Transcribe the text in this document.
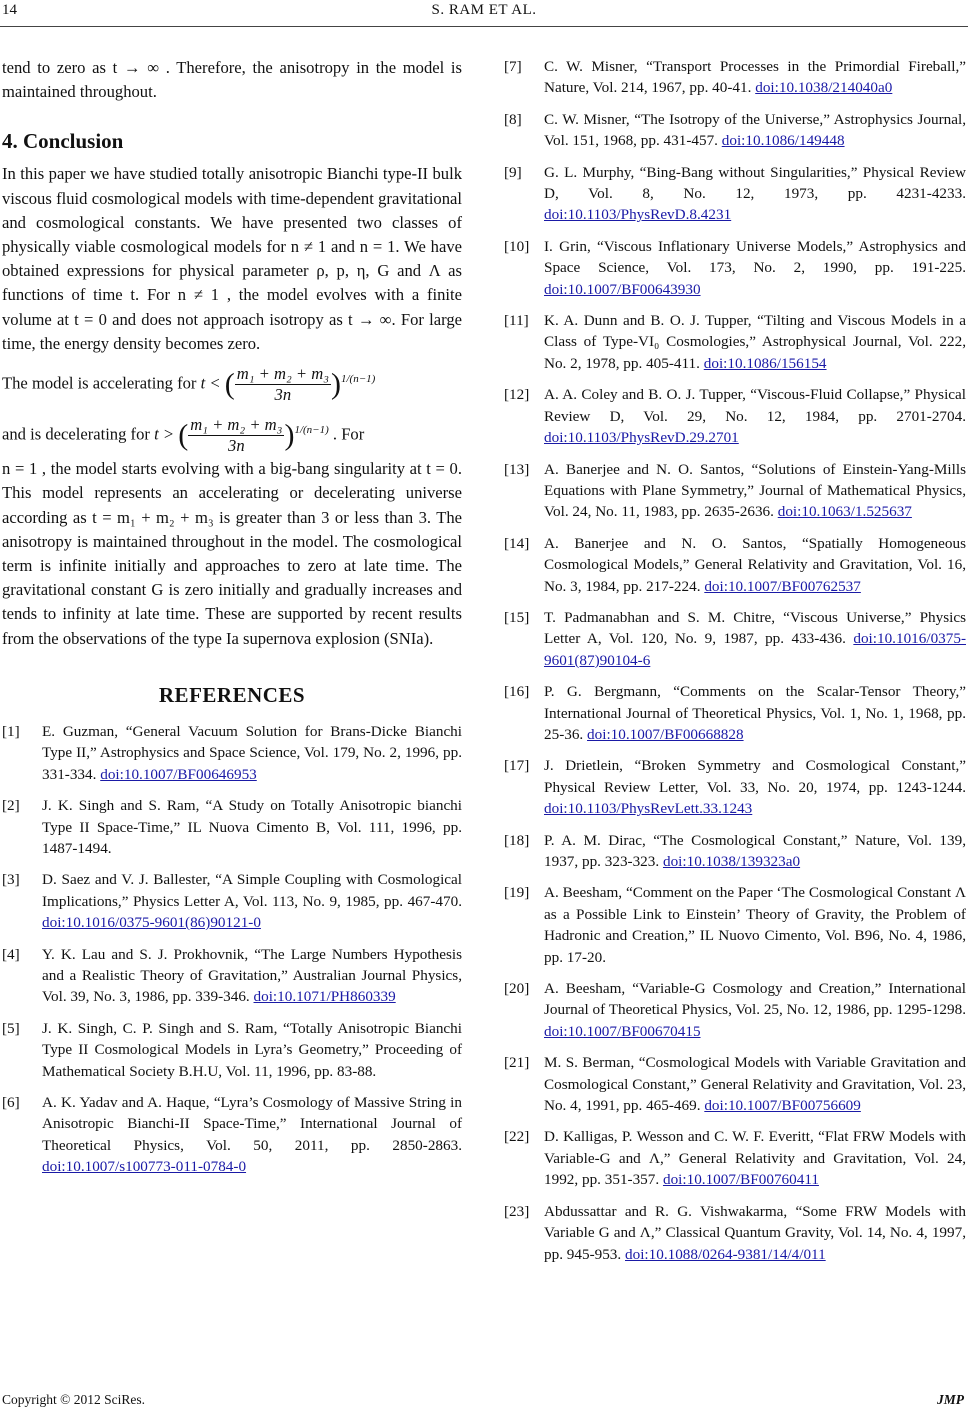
14	S. RAM ET AL.

tend to zero as t → ∞ . Therefore, the anisotropy in the model is maintained throughout.

4. Conclusion

In this paper we have studied totally anisotropic Bianchi type-II bulk viscous fluid cosmological models with time-dependent gravitational and cosmological constants. We have presented two classes of physically viable cosmological models for n ≠ 1 and n = 1. We have obtained expressions for physical parameter ρ, p, η, G and Λ as functions of time t. For n ≠ 1 , the model evolves with a finite volume at t = 0 and does not approach isotropy as t → ∞. For large time, the energy density becomes zero.

The model is accelerating for t < ( $\frac{\text{m₁ + m₂ + m₃}}{3n} )^{1/(n-1)}$
and is decelerating for t > ( $\frac{\text{m₁ + m₂ + m₃}}{3n} )^{1/(n-1)}$ . For

n = 1 , the model starts evolving with a big-bang singularity at t = 0. This model represents an accelerating or decelerating universe according as t = m₁ + m₂ + m₃ is greater than 3 or less than 3. The anisotropy is maintained throughout in the model. The cosmological term is infinite initially and approaches to zero at late time. The gravitational constant G is zero initially and gradually increases and tends to infinity at late time. These are supported by recent results from the observations of the type Ia supernova explosion (SNIa).

REFERENCES
[1] E. Guzman, “General Vacuum Solution for Brans-Dicke Bianchi Type II,” Astrophysics and Space Science, Vol. 179, No. 2, 1996, pp. 331-334. doi:10.1007/BF00646953
[2] J. K. Singh and S. Ram, “A Study on Totally Anisotropic bianchi Type II Space-Time,” IL Nuova Cimento B, Vol. 111, 1996, pp. 1487-1494.
[3] D. Saez and V. J. Ballester, “A Simple Coupling with Cosmological Implications,” Physics Letter A, Vol. 113, No. 9, 1985, pp. 467-470. doi:10.1016/0375-9601(86)90121-0
[4] Y. K. Lau and S. J. Prokhovnik, “The Large Numbers Hypothesis and a Realistic Theory of Gravitation,” Australian Journal Physics, Vol. 39, No. 3, 1986, pp. 339-346. doi:10.1071/PH860339
[5] J. K. Singh, C. P. Singh and S. Ram, “Totally Anisotropic Bianchi Type II Cosmological Models in Lyra’s Geometry,” Proceeding of Mathematical Society B.H.U, Vol. 11, 1996, pp. 83-88.
[6] A. K. Yadav and A. Haque, “Lyra’s Cosmology of Massive String in Anisotropic Bianchi-II Space-Time,” International Journal of Theoretical Physics, Vol. 50, 2011, pp. 2850-2863. doi:10.1007/s100773-011-0784-0
[7] C. W. Misner, “Transport Processes in the Primordial Fireball,” Nature, Vol. 214, 1967, pp. 40-41. doi:10.1038/214040a0
[8] C. W. Misner, “The Isotropy of the Universe,” Astrophysics Journal, Vol. 151, 1968, pp. 431-457. doi:10.1086/149448
[9] G. L. Murphy, “Bing-Bang without Singularities,” Physical Review D, Vol. 8, No. 12, 1973, pp. 4231-4233. doi:10.1103/PhysRevD.8.4231
[10] I. Grin, “Viscous Inflationary Universe Models,” Astrophysics and Space Science, Vol. 173, No. 2, 1990, pp. 191-225. doi:10.1007/BF00643930
[11] K. A. Dunn and B. O. J. Tupper, “Tilting and Viscous Models in a Class of Type-VI₀ Cosmologies,” Astrophysical Journal, Vol. 222, No. 2, 1978, pp. 405-411. doi:10.1086/156154
[12] A. A. Coley and B. O. J. Tupper, “Viscous-Fluid Collapse,” Physical Review D, Vol. 29, No. 12, 1984, pp. 2701-2704. doi:10.1103/PhysRevD.29.2701
[13] A. Banerjee and N. O. Santos, “Solutions of Einstein-Yang-Mills Equations with Plane Symmetry,” Journal of Mathematical Physics, Vol. 24, No. 11, 1983, pp. 2635-2636. doi:10.1063/1.525637
[14] A. Banerjee and N. O. Santos, “Spatially Homogeneous Cosmological Models,” General Relativity and Gravitation, Vol. 16, No. 3, 1984, pp. 217-224. doi:10.1007/BF00762537
[15] T. Padmanabhan and S. M. Chitre, “Viscous Universe,” Physics Letter A, Vol. 120, No. 9, 1987, pp. 433-436. doi:10.1016/0375-9601(87)90104-6
[16] P. G. Bergmann, “Comments on the Scalar-Tensor Theory,” International Journal of Theoretical Physics, Vol. 1, No. 1, 1968, pp. 25-36. doi:10.1007/BF00668828
[17] J. Drietlein, “Broken Symmetry and Cosmological Constant,” Physical Review Letter, Vol. 33, No. 20, 1974, pp. 1243-1244. doi:10.1103/PhysRevLett.33.1243
[18] P. A. M. Dirac, “The Cosmological Constant,” Nature, Vol. 139, 1937, pp. 323-323. doi:10.1038/139323a0
[19] A. Beesham, “Comment on the Paper ‘The Cosmological Constant Λ as a Possible Link to Einstein’ Theory of Gravity, the Problem of Hadronic and Creation,” IL Nuovo Cimento, Vol. B96, No. 4, 1986, pp. 17-20.
[20] A. Beesham, “Variable-G Cosmology and Creation,” International Journal of Theoretical Physics, Vol. 25, No. 12, 1986, pp. 1295-1298. doi:10.1007/BF00670415
[21] M. S. Berman, “Cosmological Models with Variable Gravitation and Cosmological Constant,” General Relativity and Gravitation, Vol. 23, No. 4, 1991, pp. 465-469. doi:10.1007/BF00756609
[22] D. Kalligas, P. Wesson and C. W. F. Everitt, “Flat FRW Models with Variable-G and Λ,” General Relativity and Gravitation, Vol. 24, 1992, pp. 351-357. doi:10.1007/BF00760411
[23] Abdussattar and R. G. Vishwakarma, “Some FRW Models with Variable G and Λ,” Classical Quantum Gravity, Vol. 14, No. 4, 1997, pp. 945-953. doi:10.1088/0264-9381/14/4/011
Copyright © 2012 SciRes.	JMP
